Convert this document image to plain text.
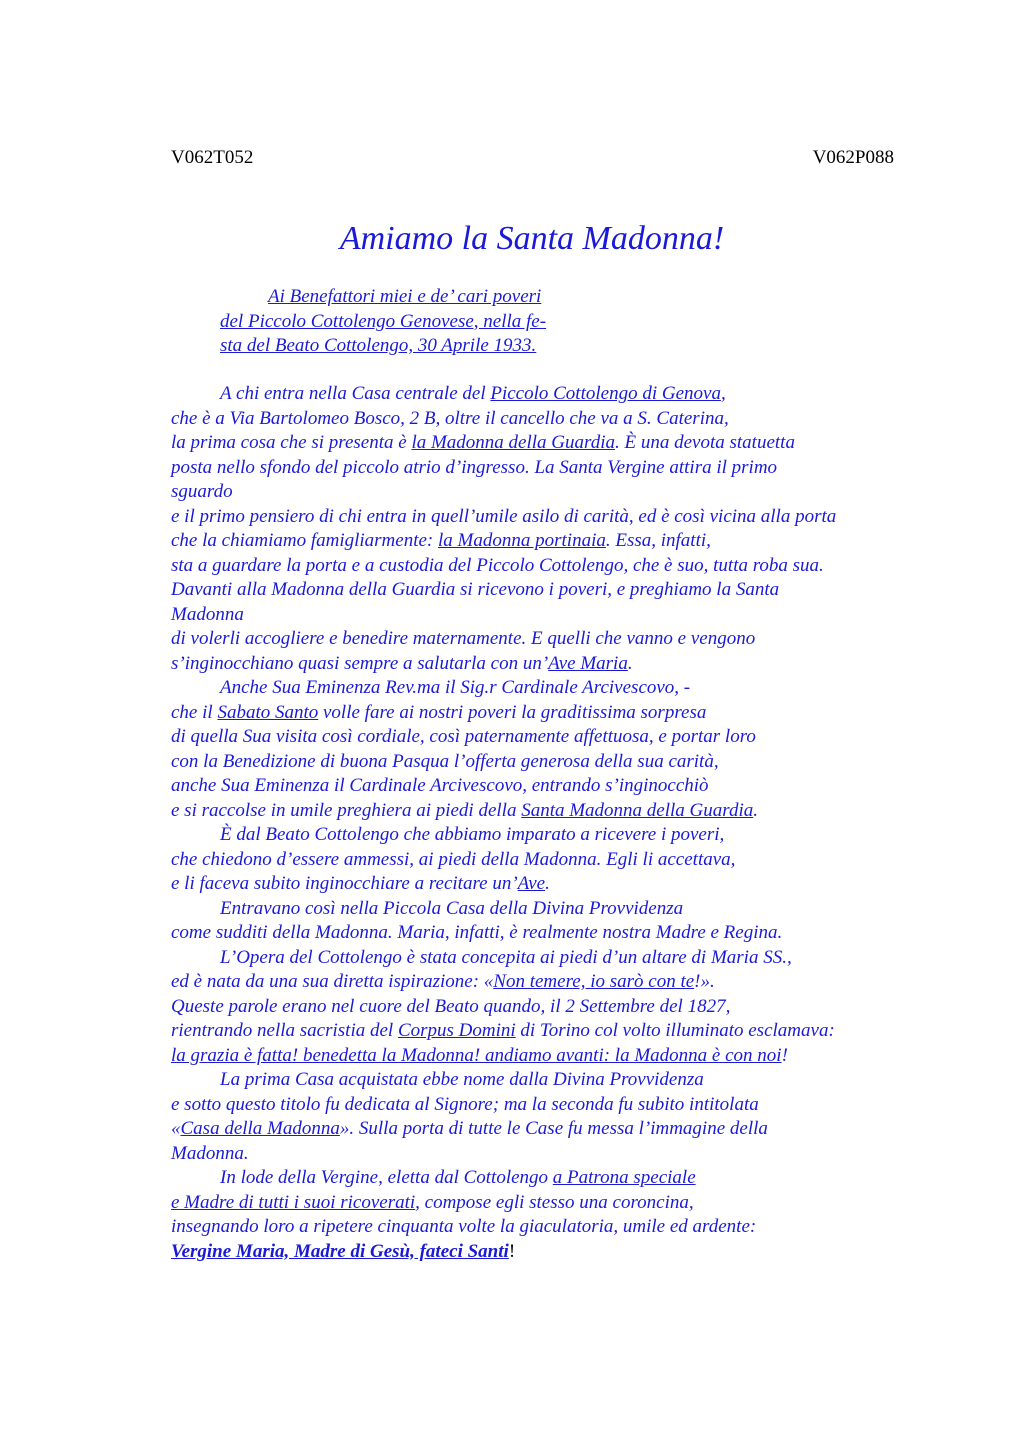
V062T052	V062P088
Amiamo la Santa Madonna!
Ai Benefattori miei e de’ cari poveri
del Piccolo Cottolengo Genovese, nella fe-
sta del Beato Cottolengo, 30 Aprile 1933.
A chi entra nella Casa centrale del Piccolo Cottolengo di Genova,
che è a Via Bartolomeo Bosco, 2 B, oltre il cancello che va a S. Caterina,
la prima cosa che si presenta è la Madonna della Guardia. È una devota statuetta
posta nello sfondo del piccolo atrio d’ingresso. La Santa Vergine attira il primo
sguardo
e il primo pensiero di chi entra in quell’umile asilo di carità, ed è così vicina alla porta
che la chiamiamo famigliarmente: la Madonna portinaia. Essa, infatti,
sta a guardare la porta e a custodia del Piccolo Cottolengo, che è suo, tutta roba sua.
Davanti alla Madonna della Guardia si ricevono i poveri, e preghiamo la Santa
Madonna
di volerli accogliere e benedire maternamente. E quelli che vanno e vengono
s’inginocchiano quasi sempre a salutarla con un’Ave Maria.
Anche Sua Eminenza Rev.ma il Sig.r Cardinale Arcivescovo, -
che il Sabato Santo volle fare ai nostri poveri la graditissima sorpresa
di quella Sua visita così cordiale, così paternamente affettuosa, e portar loro
con la Benedizione di buona Pasqua l’offerta generosa della sua carità,
anche Sua Eminenza il Cardinale Arcivescovo, entrando s’inginocchiò
e si raccolse in umile preghiera ai piedi della Santa Madonna della Guardia.
È dal Beato Cottolengo che abbiamo imparato a ricevere i poveri,
che chiedono d’essere ammessi, ai piedi della Madonna. Egli li accettava,
e li faceva subito inginocchiare a recitare un’Ave.
Entravano così nella Piccola Casa della Divina Provvidenza
come sudditi della Madonna. Maria, infatti, è realmente nostra Madre e Regina.
L’Opera del Cottolengo è stata concepita ai piedi d’un altare di Maria SS.,
ed è nata da una sua diretta ispirazione: «Non temere, io sarò con te!».
Queste parole erano nel cuore del Beato quando, il 2 Settembre del 1827,
rientrando nella sacristia del Corpus Domini di Torino col volto illuminato esclamava:
la grazia è fatta! benedetta la Madonna! andiamo avanti: la Madonna è con noi!
La prima Casa acquistata ebbe nome dalla Divina Provvidenza
e sotto questo titolo fu dedicata al Signore; ma la seconda fu subito intitolata
«Casa della Madonna». Sulla porta di tutte le Case fu messa l’immagine della
Madonna.
In lode della Vergine, eletta dal Cottolengo a Patrona speciale
e Madre di tutti i suoi ricoverati, compose egli stesso una coroncina,
insegnando loro a ripetere cinquanta volte la giaculatoria, umile ed ardente:
Vergine Maria, Madre di Gesù, fateci Santi!
